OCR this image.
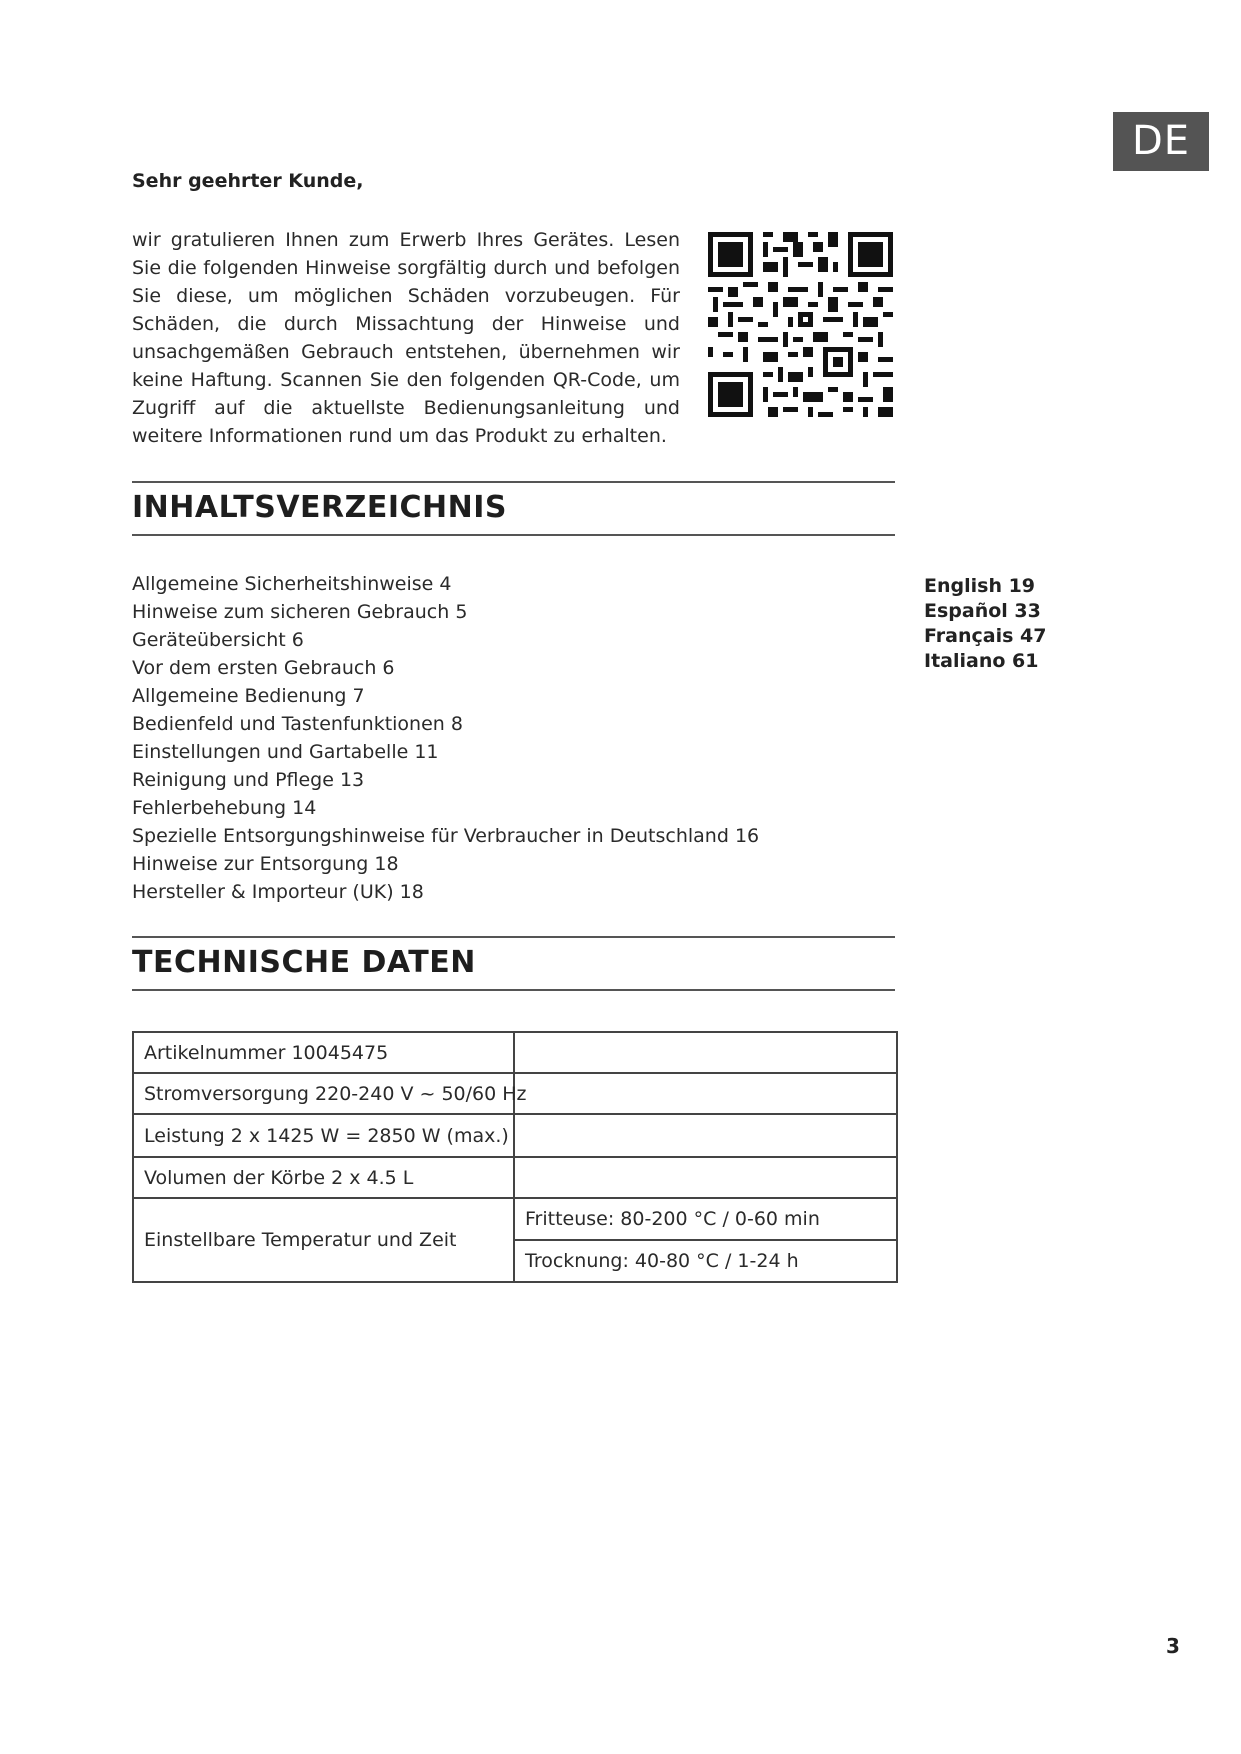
DE
Sehr geehrter Kunde,
wir gratulieren Ihnen zum Erwerb Ihres Gerätes. Lesen Sie die folgenden Hinweise sorgfältig durch und befolgen Sie diese, um möglichen Schäden vorzubeugen. Für Schäden, die durch Missachtung der Hinweise und unsachgemäßen Gebrauch entstehen, übernehmen wir keine Haftung. Scannen Sie den folgenden QR-Code, um Zugriff auf die aktuellste Bedienungsanleitung und weitere Informationen rund um das Produkt zu erhalten.
INHALTSVERZEICHNIS
Allgemeine Sicherheitshinweise 4
Hinweise zum sicheren Gebrauch 5
Geräteübersicht 6
Vor dem ersten Gebrauch 6
Allgemeine Bedienung 7
Bedienfeld und Tastenfunktionen 8
Einstellungen und Gartabelle 11
Reinigung und Pflege 13
Fehlerbehebung 14
Spezielle Entsorgungshinweise für Verbraucher in Deutschland 16
Hinweise zur Entsorgung 18
Hersteller & Importeur (UK) 18
English 19
Español 33
Français 47
Italiano 61
TECHNISCHE DATEN
Artikelnummer 10045475	
Stromversorgung 220-240 V ~ 50/60 Hz	
Leistung 2 x 1425 W = 2850 W (max.)	
Volumen der Körbe 2 x 4.5 L	
Einstellbare Temperatur und Zeit	Fritteuse: 80-200 °C / 0-60 min
	Trocknung: 40-80 °C / 1-24 h
3
